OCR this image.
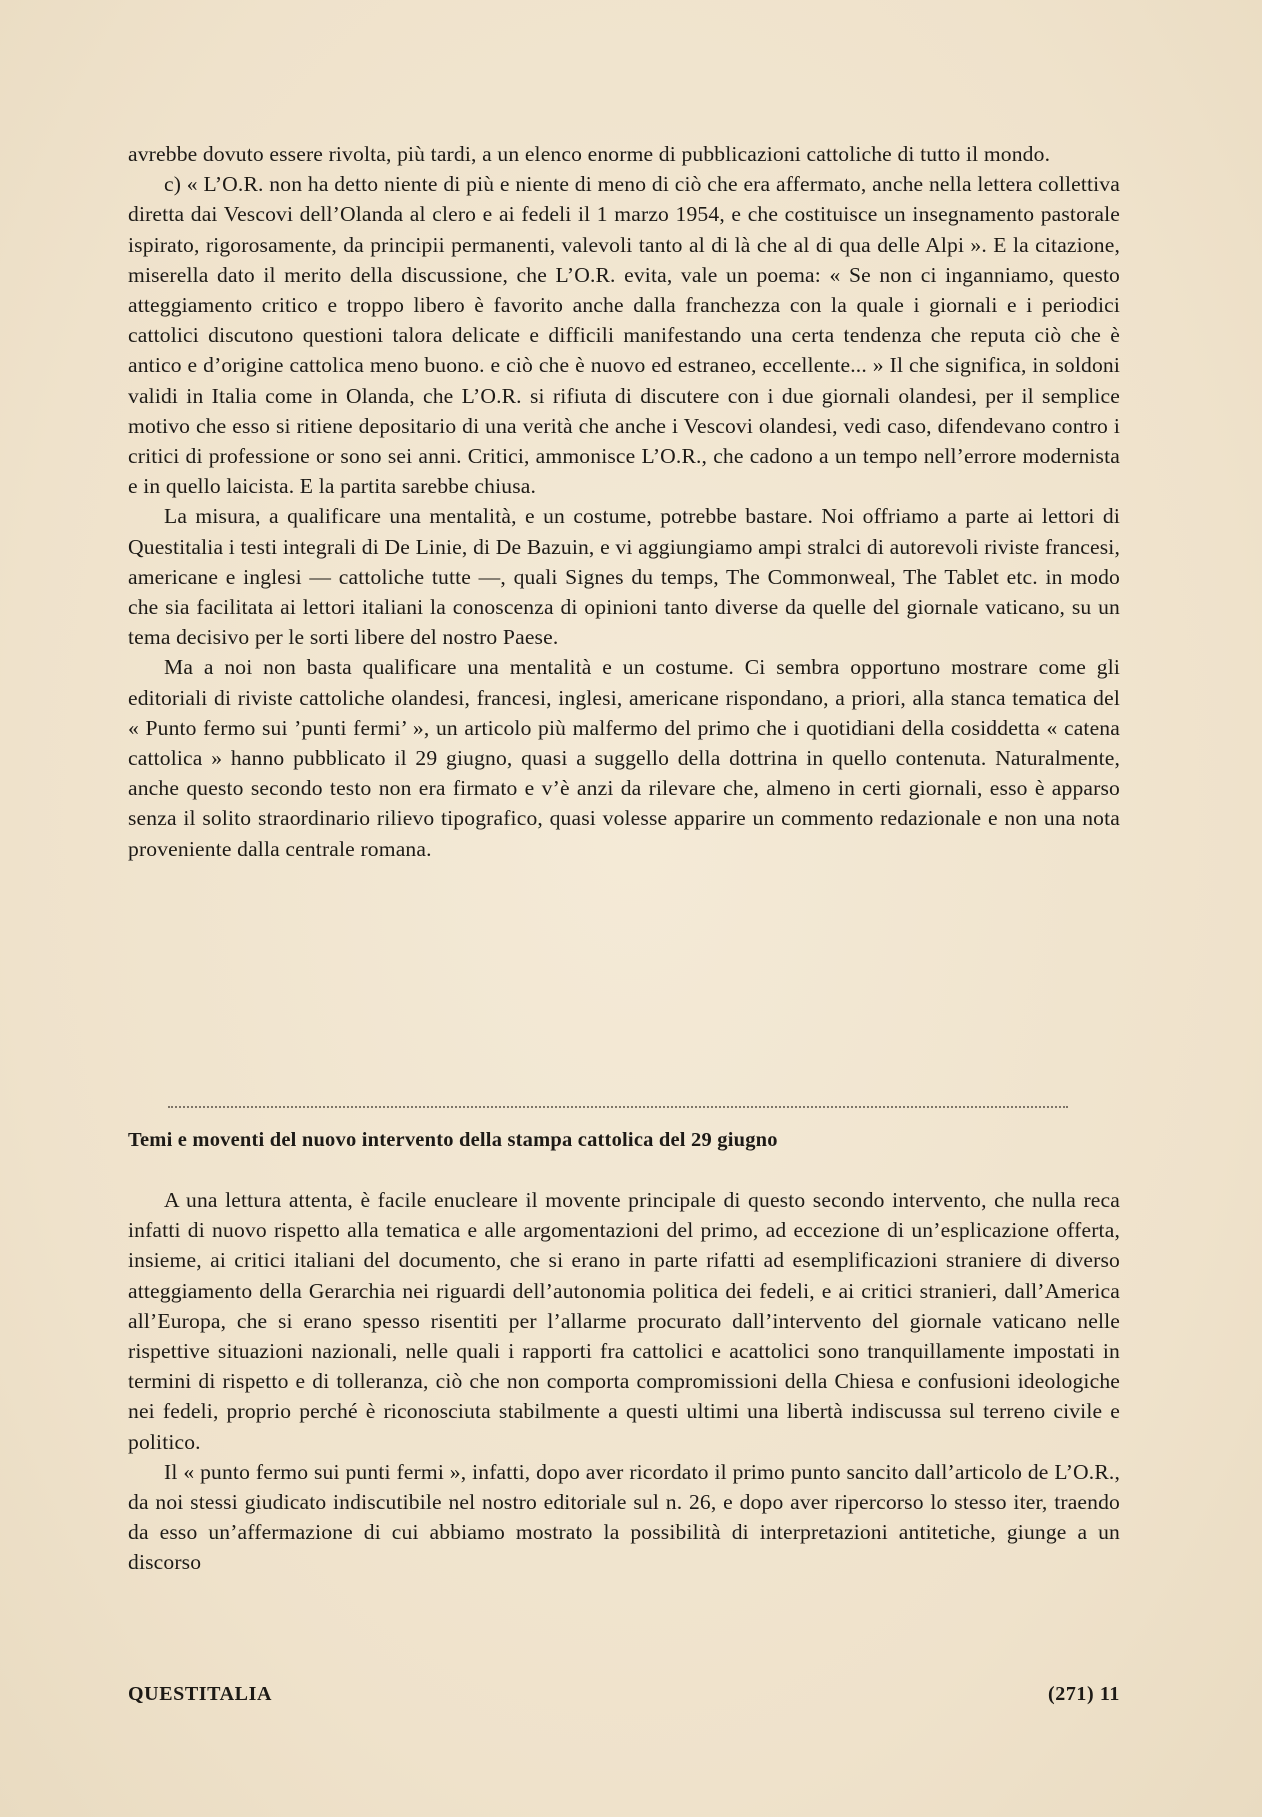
avrebbe dovuto essere rivolta, più tardi, a un elenco enorme di pubblicazioni cattoliche di tutto il mondo.

c) « L’O.R. non ha detto niente di più e niente di meno di ciò che era affermato, anche nella lettera collettiva diretta dai Vescovi dell’Olanda al clero e ai fedeli il 1 marzo 1954, e che costituisce un insegnamento pastorale ispirato, rigorosamente, da principii permanenti, valevoli tanto al di là che al di qua delle Alpi ». E la citazione, miserella dato il merito della discussione, che L’O.R. evita, vale un poema: « Se non ci inganniamo, questo atteggiamento critico e troppo libero è favorito anche dalla franchezza con la quale i giornali e i periodici cattolici discutono questioni talora delicate e difficili manifestando una certa tendenza che reputa ciò che è antico e d’origine cattolica meno buono. e ciò che è nuovo ed estraneo, eccellente... » Il che significa, in soldoni validi in Italia come in Olanda, che L’O.R. si rifiuta di discutere con i due giornali olandesi, per il semplice motivo che esso si ritiene depositario di una verità che anche i Vescovi olandesi, vedi caso, difendevano contro i critici di professione or sono sei anni. Critici, ammonisce L’O.R., che cadono a un tempo nell’errore modernista e in quello laicista. E la partita sarebbe chiusa.

La misura, a qualificare una mentalità, e un costume, potrebbe bastare. Noi offriamo a parte ai lettori di Questitalia i testi integrali di De Linie, di De Bazuin, e vi aggiungiamo ampi stralci di autorevoli riviste francesi, americane e inglesi — cattoliche tutte —, quali Signes du temps, The Commonweal, The Tablet etc. in modo che sia facilitata ai lettori italiani la conoscenza di opinioni tanto diverse da quelle del giornale vaticano, su un tema decisivo per le sorti libere del nostro Paese.

Ma a noi non basta qualificare una mentalità e un costume. Ci sembra opportuno mostrare come gli editoriali di riviste cattoliche olandesi, francesi, inglesi, americane rispondano, a priori, alla stanca tematica del « Punto fermo sui ’punti fermi’ », un articolo più malfermo del primo che i quotidiani della cosiddetta « catena cattolica » hanno pubblicato il 29 giugno, quasi a suggello della dottrina in quello contenuta. Naturalmente, anche questo secondo testo non era firmato e v’è anzi da rilevare che, almeno in certi giornali, esso è apparso senza il solito straordinario rilievo tipografico, quasi volesse apparire un commento redazionale e non una nota proveniente dalla centrale romana.

Temi e moventi del nuovo intervento della stampa cattolica del 29 giugno

A una lettura attenta, è facile enucleare il movente principale di questo secondo intervento, che nulla reca infatti di nuovo rispetto alla tematica e alle argomentazioni del primo, ad eccezione di un’esplicazione offerta, insieme, ai critici italiani del documento, che si erano in parte rifatti ad esemplificazioni straniere di diverso atteggiamento della Gerarchia nei riguardi dell’autonomia politica dei fedeli, e ai critici stranieri, dall’America all’Europa, che si erano spesso risentiti per l’allarme procurato dall’intervento del giornale vaticano nelle rispettive situazioni nazionali, nelle quali i rapporti fra cattolici e acattolici sono tranquillamente impostati in termini di rispetto e di tolleranza, ciò che non comporta compromissioni della Chiesa e confusioni ideologiche nei fedeli, proprio perché è riconosciuta stabilmente a questi ultimi una libertà indiscussa sul terreno civile e politico.

Il « punto fermo sui punti fermi », infatti, dopo aver ricordato il primo punto sancito dall’articolo de L’O.R., da noi stessi giudicato indiscutibile nel nostro editoriale sul n. 26, e dopo aver ripercorso lo stesso iter, traendo da esso un’affermazione di cui abbiamo mostrato la possibilità di interpretazioni antitetiche, giunge a un discorso

QUESTITALIA	(271) 11
